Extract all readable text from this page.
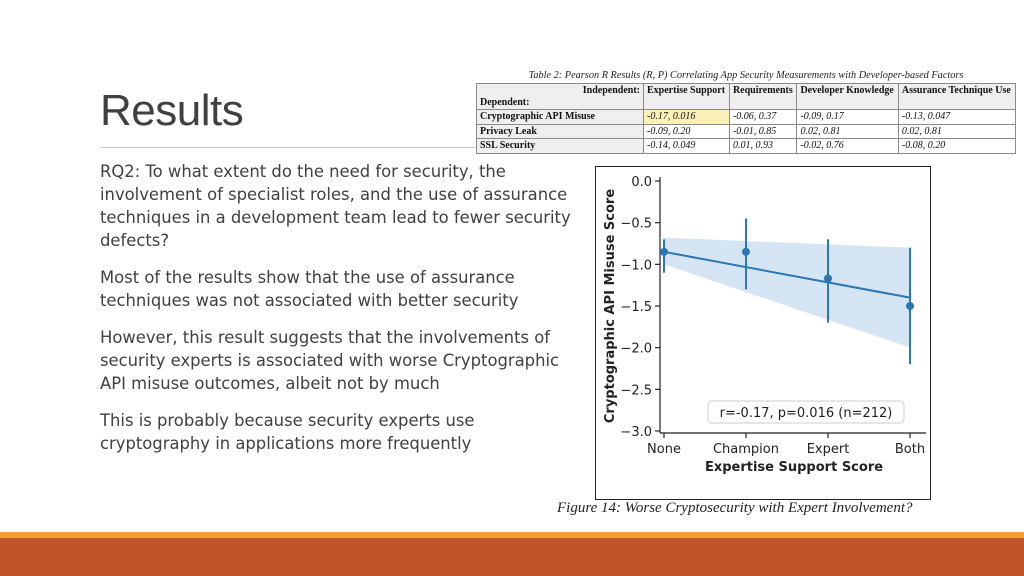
Results

RQ2: To what extent do the need for security, the involvement of specialist roles, and the use of assurance techniques in a development team lead to fewer security defects?

Most of the results show that the use of assurance techniques was not associated with better security

However, this result suggests that the involvements of security experts is associated with worse Cryptographic API misuse outcomes, albeit not by much

This is probably because security experts use cryptography in applications more frequently

Table 2: Pearson R Results (R, P) Correlating App Security Measurements with Developer-based Factors
Independent:
Dependent:	Expertise Support	Requirements	Developer Knowledge	Assurance Technique Use
Cryptographic API Misuse	-0.17, 0.016	-0.06, 0.37	-0.09, 0.17	-0.13, 0.047
Privacy Leak	-0.09, 0.20	-0.01, 0.85	0.02, 0.81	0.02, 0.81
SSL Security	-0.14, 0.049	0.01, 0.93	-0.02, 0.76	-0.08, 0.20
0.0
−0.5
−1.0
−1.5
−2.0
−2.5
−3.0
None Champion Expert	Both
Expertise Support Score
Cryptographic API Misuse Score	r=-0.17, p=0.016 (n=212)
Figure 14: Worse Cryptosecurity with Expert Involvement?
